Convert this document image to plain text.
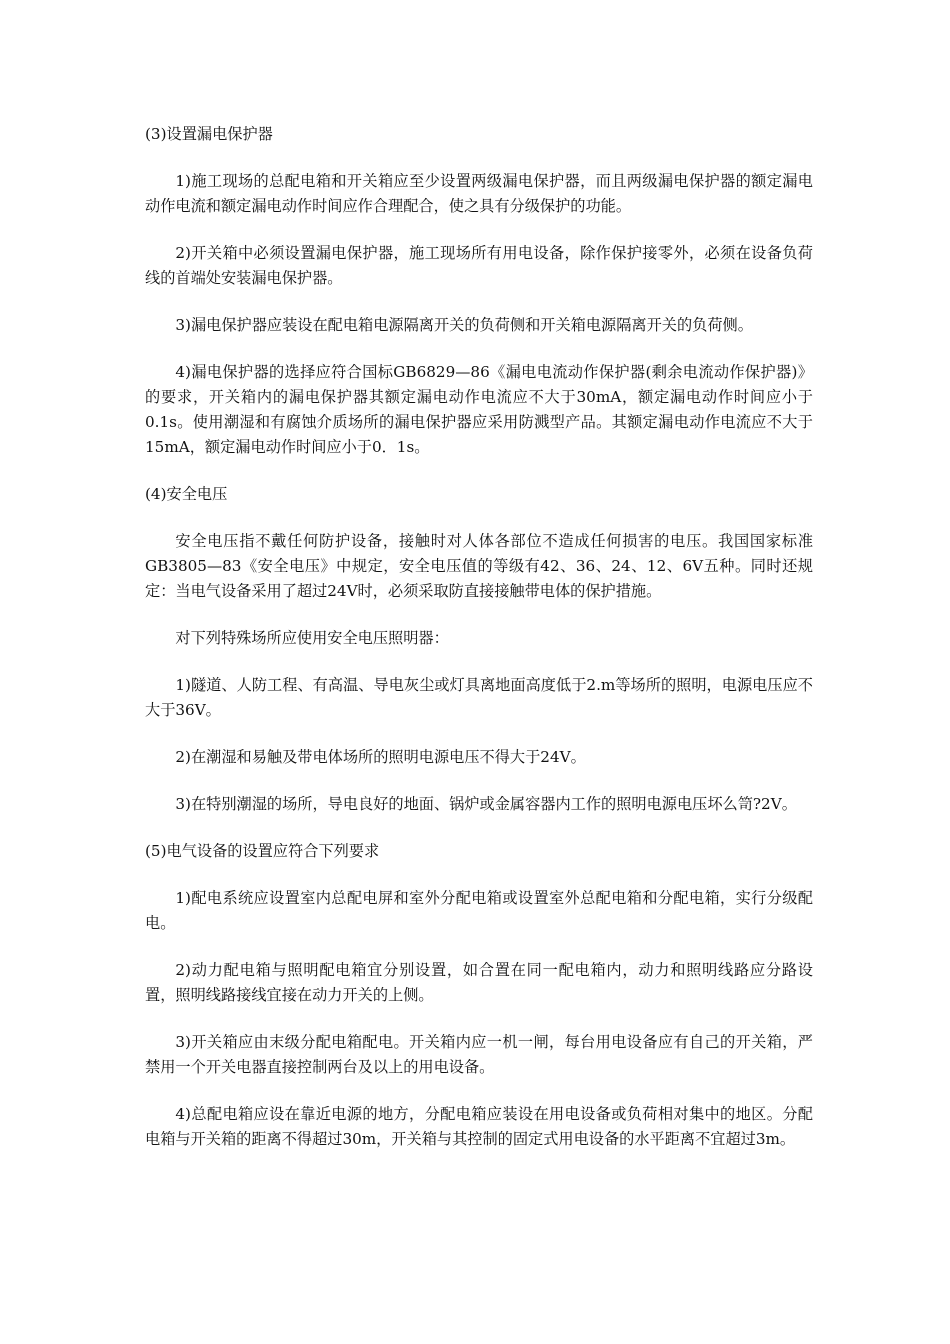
(3)设置漏电保护器

1)施工现场的总配电箱和开关箱应至少设置两级漏电保护器，而且两级漏电保护器的额定漏电动作电流和额定漏电动作时间应作合理配合，使之具有分级保护的功能。

2)开关箱中必须设置漏电保护器，施工现场所有用电设备，除作保护接零外，必须在设备负荷线的首端处安装漏电保护器。

3)漏电保护器应装设在配电箱电源隔离开关的负荷侧和开关箱电源隔离开关的负荷侧。

4)漏电保护器的选择应符合国标GB6829—86《漏电电流动作保护器(剩余电流动作保护器)》的要求，开关箱内的漏电保护器其额定漏电动作电流应不大于30mA，额定漏电动作时间应小于0.1s。使用潮湿和有腐蚀介质场所的漏电保护器应采用防溅型产品。其额定漏电动作电流应不大于15mA，额定漏电动作时间应小于0．1s。

(4)安全电压

安全电压指不戴任何防护设备，接触时对人体各部位不造成任何损害的电压。我国国家标准GB3805—83《安全电压》中规定，安全电压值的等级有42、36、24、12、6V五种。同时还规定：当电气设备采用了超过24V时，必须采取防直接接触带电体的保护措施。

对下列特殊场所应使用安全电压照明器：

1)隧道、人防工程、有高温、导电灰尘或灯具离地面高度低于2.m等场所的照明，电源电压应不大于36V。

2)在潮湿和易触及带电体场所的照明电源电压不得大于24V。

3)在特别潮湿的场所，导电良好的地面、锅炉或金属容器内工作的照明电源电压坏么笥?2V。

(5)电气设备的设置应符合下列要求

1)配电系统应设置室内总配电屏和室外分配电箱或设置室外总配电箱和分配电箱，实行分级配电。

2)动力配电箱与照明配电箱宜分别设置，如合置在同一配电箱内，动力和照明线路应分路设置，照明线路接线宜接在动力开关的上侧。

3)开关箱应由末级分配电箱配电。开关箱内应一机一闸，每台用电设备应有自己的开关箱，严禁用一个开关电器直接控制两台及以上的用电设备。

4)总配电箱应设在靠近电源的地方，分配电箱应装设在用电设备或负荷相对集中的地区。分配电箱与开关箱的距离不得超过30m，开关箱与其控制的固定式用电设备的水平距离不宜超过3m。
